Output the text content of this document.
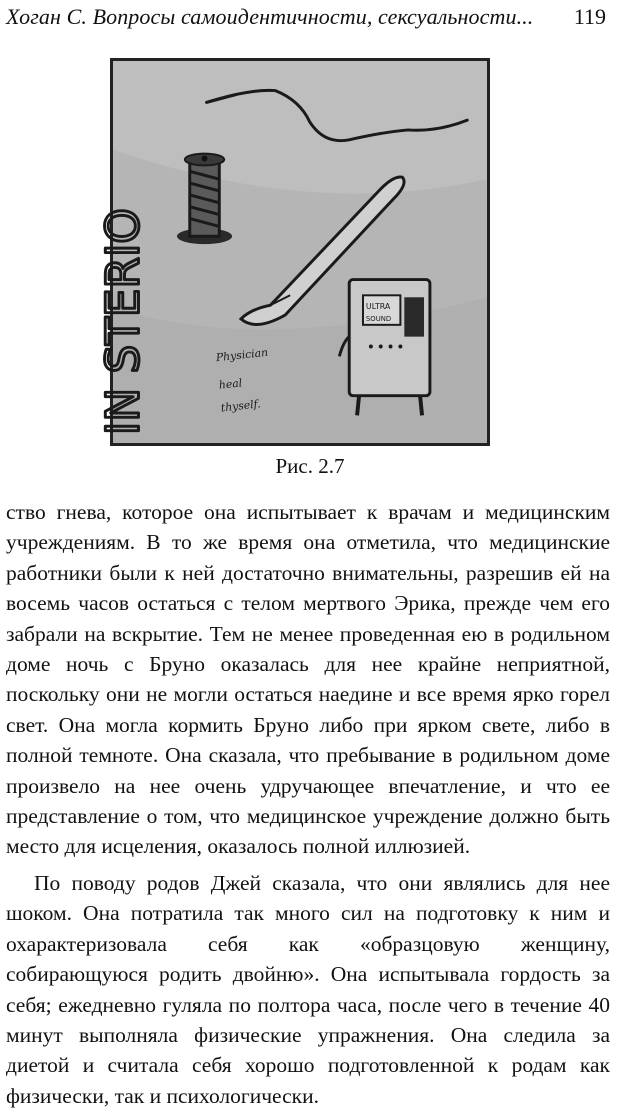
Хоган С. Вопросы самоидентичности, сексуальности... 119
IN STERIO	ULTRA
SOUND
Physician
heal
thyself.
Рис. 2.7

ство гнева, которое она испытывает к врачам и медицинским учреждениям. В то же время она отметила, что медицинские работники были к ней достаточно внимательны, разрешив ей на восемь часов остаться с телом мертвого Эрика, прежде чем его забрали на вскрытие. Тем не менее проведенная ею в родильном доме ночь с Бруно оказалась для нее крайне неприятной, поскольку они не могли остаться наедине и все время ярко горел свет. Она могла кормить Бруно либо при ярком свете, либо в полной темноте. Она сказала, что пребывание в родильном доме произвело на нее очень удручающее впечатление, и что ее представление о том, что медицинское учреждение должно быть место для исцеления, оказалось полной иллюзией.

По поводу родов Джей сказала, что они являлись для нее шоком. Она потратила так много сил на подготовку к ним и охарактеризовала себя как «образцовую женщину, собирающуюся родить двойню». Она испытывала гордость за себя; ежедневно гуляла по полтора часа, после чего в течение 40 минут выполняла физические упражнения. Она следила за диетой и считала себя хорошо подготовленной к родам как физически, так и психологически.
